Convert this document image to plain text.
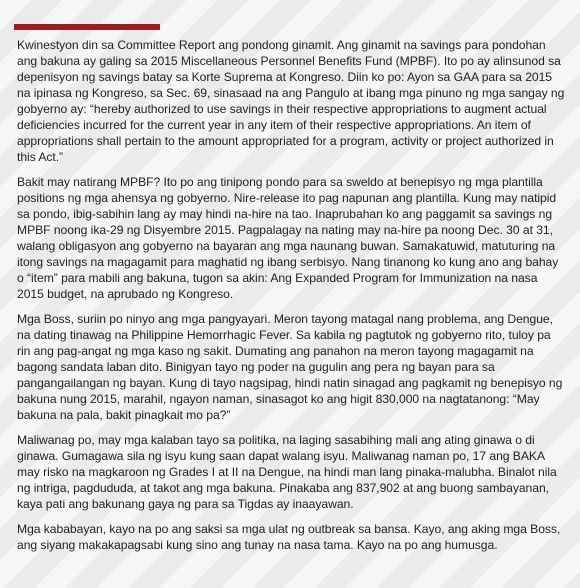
Kwinestyon din sa Committee Report ang pondong ginamit. Ang ginamit na savings para pondohan ang bakuna ay galing sa 2015 Miscellaneous Personnel Benefits Fund (MPBF). Ito po ay alinsunod sa depenisyon ng savings batay sa Korte Suprema at Kongreso. Diin ko po: Ayon sa GAA para sa 2015 na ipinasa ng Kongreso, sa Sec. 69, sinasaad na ang Pangulo at ibang mga pinuno ng mga sangay ng gobyerno ay: “hereby authorized to use savings in their respective appropriations to augment actual deficiencies incurred for the current year in any item of their respective appropriations. An item of appropriations shall pertain to the amount appropriated for a program, activity or project authorized in this Act.”

Bakit may natirang MPBF? Ito po ang tinipong pondo para sa sweldo at benepisyo ng mga plantilla positions ng mga ahensya ng gobyerno. Nire-release ito pag napunan ang plantilla. Kung may natipid sa pondo, ibig-sabihin lang ay may hindi na-hire na tao. Inaprubahan ko ang paggamit sa savings ng MPBF noong ika-29 ng Disyembre 2015. Pagpalagay na nating may na-hire pa noong Dec. 30 at 31, walang obligasyon ang gobyerno na bayaran ang mga naunang buwan. Samakatuwid, matuturing na itong savings na magagamit para maghatid ng ibang serbisyo. Nang tinanong ko kung ano ang bahay o “item” para mabili ang bakuna, tugon sa akin: Ang Expanded Program for Immunization na nasa 2015 budget, na aprubado ng Kongreso.

Mga Boss, suriin po ninyo ang mga pangyayari. Meron tayong matagal nang problema, ang Dengue, na dating tinawag na Philippine Hemorrhagic Fever. Sa kabila ng pagtutok ng gobyerno rito, tuloy pa rin ang pag-angat ng mga kaso ng sakit. Dumating ang panahon na meron tayong magagamit na bagong sandata laban dito. Binigyan tayo ng poder na gugulin ang pera ng bayan para sa pangangailangan ng bayan. Kung di tayo nagsipag, hindi natin sinagad ang pagkamit ng benepisyo ng bakuna nung 2015, marahil, ngayon naman, sinasagot ko ang higit 830,000 na nagtatanong: “May bakuna na pala, bakit pinagkait mo pa?”

Maliwanag po, may mga kalaban tayo sa politika, na laging sasabihing mali ang ating ginawa o di ginawa. Gumagawa sila ng isyu kung saan dapat walang isyu. Maliwanag naman po, 17 ang BAKA may risko na magkaroon ng Grades I at II na Dengue, na hindi man lang pinaka-malubha. Binalot nila ng intriga, pagdududa, at takot ang mga bakuna. Pinakaba ang 837,902 at ang buong sambayanan, kaya pati ang bakunang gaya ng para sa Tigdas ay inaayawan.

Mga kababayan, kayo na po ang saksi sa mga ulat ng outbreak sa bansa. Kayo, ang aking mga Boss, ang siyang makakapagsabi kung sino ang tunay na nasa tama. Kayo na po ang humusga.
